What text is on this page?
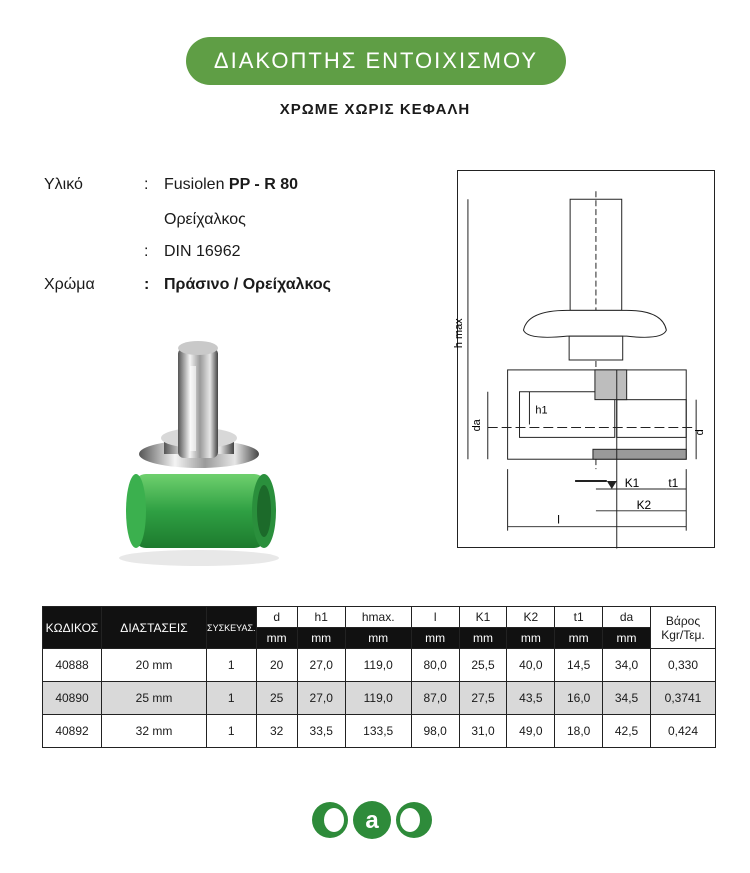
ΔΙΑΚΟΠΤΗΣ ΕΝΤΟΙΧΙΣΜΟΥ
ΧΡΩΜΕ ΧΩΡΙΣ ΚΕΦΑΛΗ
Υλικό	: Fusiolen PP - R 80
Ορείχαλκος
: DIN 16962
Χρώμα	: Πράσινο / Ορείχαλκος
h max
h1
da
d
K1 t1
K2
l
ΚΩΔΙΚΟΣ	ΔΙΑΣΤΑΣΕΙΣ	ΣΥΣΚΕΥΑΣ.	d	h1	hmax.	l	K1	K2	t1	da	Βάρος
Kgr/Τεμ.

			mm	mm	mm	mm	mm	mm	mm	mm	
40888	20 mm	1	20	27,0	119,0	80,0	25,5	40,0	14,5	34,0	0,330
40890	25 mm	1	25	27,0	119,0	87,0	27,5	43,5	16,0	34,5	0,3741
40892	32 mm	1	32	33,5	133,5	98,0	31,0	49,0	18,0	42,5	0,424
a
